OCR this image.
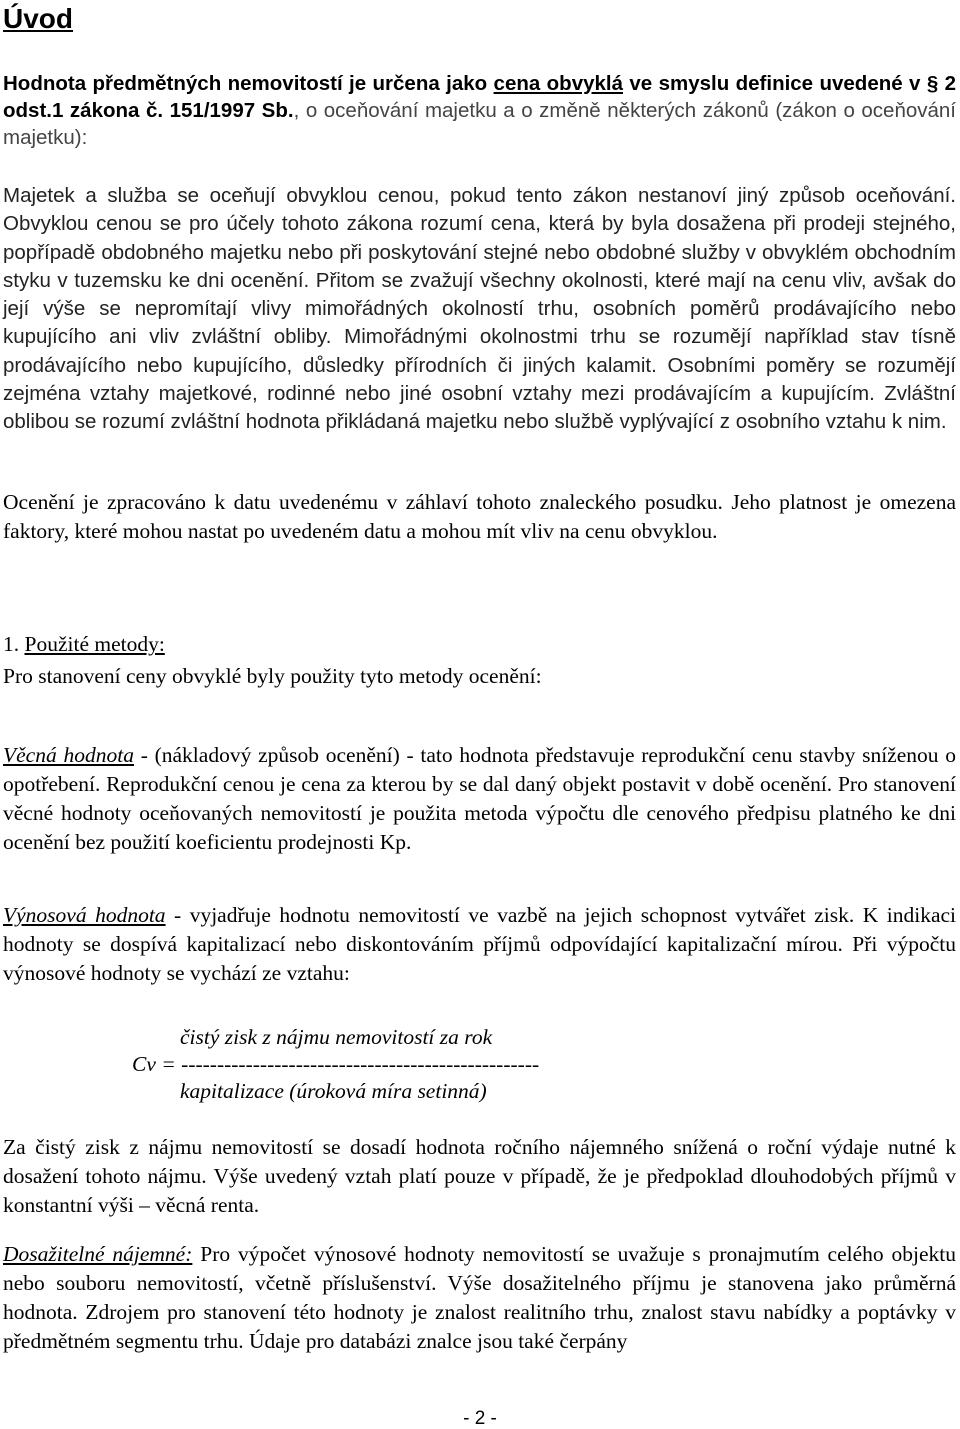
Úvod
Hodnota předmětných nemovitostí je určena jako cena obvyklá ve smyslu definice uvedené v § 2 odst.1 zákona č. 151/1997 Sb., o oceňování majetku a o změně některých zákonů (zákon o oceňování majetku):
Majetek a služba se oceňují obvyklou cenou, pokud tento zákon nestanoví jiný způsob oceňování. Obvyklou cenou se pro účely tohoto zákona rozumí cena, která by byla dosažena při prodeji stejného, popřípadě obdobného majetku nebo při poskytování stejné nebo obdobné služby v obvyklém obchodním styku v tuzemsku ke dni ocenění. Přitom se zvažují všechny okolnosti, které mají na cenu vliv, avšak do její výše se nepromítají vlivy mimořádných okolností trhu, osobních poměrů prodávajícího nebo kupujícího ani vliv zvláštní obliby. Mimořádnými okolnostmi trhu se rozumějí například stav tísně prodávajícího nebo kupujícího, důsledky přírodních či jiných kalamit. Osobními poměry se rozumějí zejména vztahy majetkové, rodinné nebo jiné osobní vztahy mezi prodávajícím a kupujícím. Zvláštní oblibou se rozumí zvláštní hodnota přikládaná majetku nebo službě vyplývající z osobního vztahu k nim.
Ocenění je zpracováno k datu uvedenému v záhlaví tohoto znaleckého posudku. Jeho platnost je omezena faktory, které mohou nastat po uvedeném datu a mohou mít vliv na cenu obvyklou.
1. Použité metody:
Pro stanovení ceny obvyklé byly použity tyto metody ocenění:
Věcná hodnota - (nákladový způsob ocenění) - tato hodnota představuje reprodukční cenu stavby sníženou o opotřebení. Reprodukční cenou je cena za kterou by se dal daný objekt postavit v době ocenění. Pro stanovení věcné hodnoty oceňovaných nemovitostí je použita metoda výpočtu dle cenového předpisu platného ke dni ocenění bez použití koeficientu prodejnosti Kp.
Výnosová hodnota - vyjadřuje hodnotu nemovitostí ve vazbě na jejich schopnost vytvářet zisk. K indikaci hodnoty se dospívá kapitalizací nebo diskontováním příjmů odpovídající kapitalizační mírou. Při výpočtu výnosové hodnoty se vychází ze vztahu:
čistý zisk z nájmu nemovitostí za rok
Cv = --------------------------------------------------
kapitalizace (úroková míra setinná)
Za čistý zisk z nájmu nemovitostí se dosadí hodnota ročního nájemného snížená o roční výdaje nutné k dosažení tohoto nájmu. Výše uvedený vztah platí pouze v případě, že je předpoklad dlouhodobých příjmů v konstantní výši – věcná renta.
Dosažitelné nájemné: Pro výpočet výnosové hodnoty nemovitostí se uvažuje s pronajmutím celého objektu nebo souboru nemovitostí, včetně příslušenství. Výše dosažitelného příjmu je stanovena jako průměrná hodnota. Zdrojem pro stanovení této hodnoty je znalost realitního trhu, znalost stavu nabídky a poptávky v předmětném segmentu trhu. Údaje pro databázi znalce jsou také čerpány
- 2 -
